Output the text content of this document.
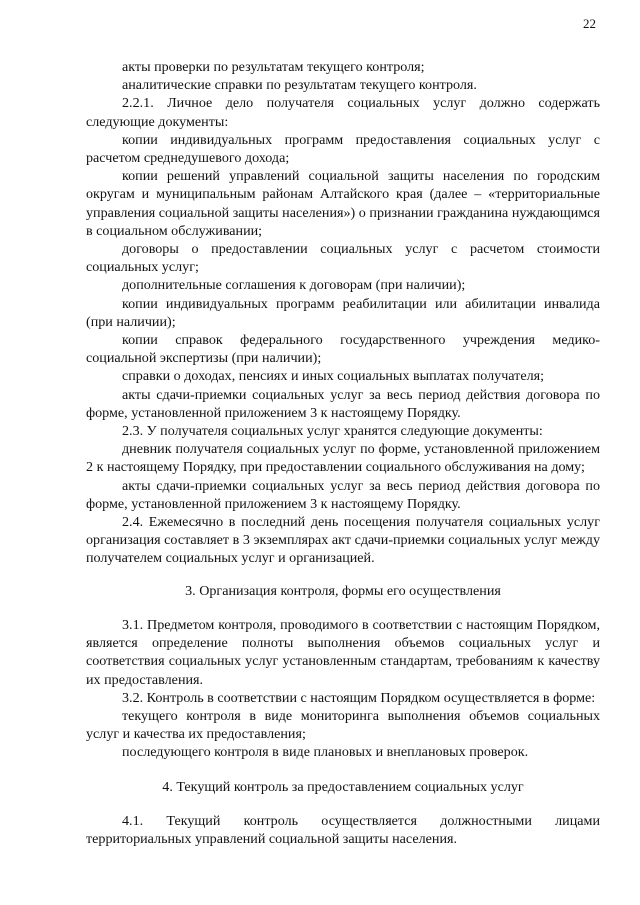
22

акты проверки по результатам текущего контроля;

аналитические справки по результатам текущего контроля.

2.2.1. Личное дело получателя социальных услуг должно содержать следующие документы:

копии индивидуальных программ предоставления социальных услуг с расчетом среднедушевого дохода;

копии решений управлений социальной защиты населения по городским округам и муниципальным районам Алтайского края (далее – «территориальные управления социальной защиты населения») о признании гражданина нуждающимся в социальном обслуживании;

договоры о предоставлении социальных услуг с расчетом стоимости социальных услуг;

дополнительные соглашения к договорам (при наличии);

копии индивидуальных программ реабилитации или абилитации инвалида (при наличии);

копии справок федерального государственного учреждения медико-социальной экспертизы (при наличии);

справки о доходах, пенсиях и иных социальных выплатах получателя;

акты сдачи-приемки социальных услуг за весь период действия договора по форме, установленной приложением 3 к настоящему Порядку.

2.3. У получателя социальных услуг хранятся следующие документы:

дневник получателя социальных услуг по форме, установленной приложением 2 к настоящему Порядку, при предоставлении социального обслуживания на дому;

акты сдачи-приемки социальных услуг за весь период действия договора по форме, установленной приложением 3 к настоящему Порядку.

2.4. Ежемесячно в последний день посещения получателя социальных услуг организация составляет в 3 экземплярах акт сдачи-приемки социальных услуг между получателем социальных услуг и организацией.

3. Организация контроля, формы его осуществления

3.1. Предметом контроля, проводимого в соответствии с настоящим Порядком, является определение полноты выполнения объемов социальных услуг и соответствия социальных услуг установленным стандартам, требованиям к качеству их предоставления.

3.2. Контроль в соответствии с настоящим Порядком осуществляется в форме:

текущего контроля в виде мониторинга выполнения объемов социальных услуг и качества их предоставления;

последующего контроля в виде плановых и внеплановых проверок.

4. Текущий контроль за предоставлением социальных услуг

4.1. Текущий контроль осуществляется должностными лицами территориальных управлений социальной защиты населения.
